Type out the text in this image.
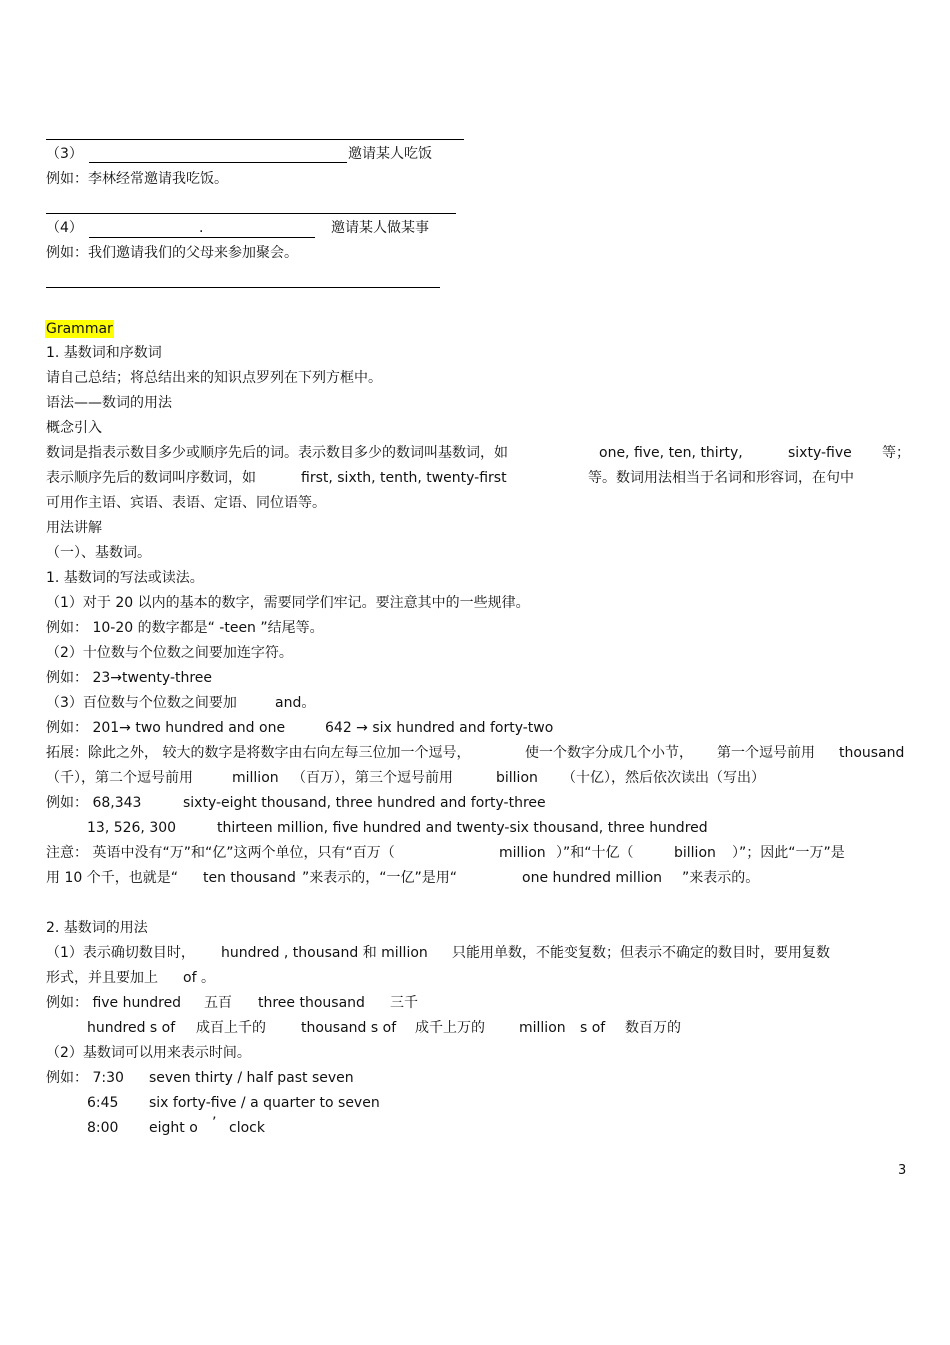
（3）	邀请某人吃饭
例如：李林经常邀请我吃饭。
（4）	.	邀请某人做某事
例如：我们邀请我们的父母来参加聚会。
Grammar
1. 基数词和序数词
请自己总结；将总结出来的知识点罗列在下列方框中。
语法——数词的用法
概念引入
数词是指表示数目多少或顺序先后的词。表示数目多少的数词叫基数词，如	one, five, ten, thirty,	sixty-five 等；
表示顺序先后的数词叫序数词，如	first, sixth, tenth, twenty-first	等。数词用法相当于名词和形容词，在句中
可用作主语、宾语、表语、定语、同位语等。
用法讲解
（一）、基数词。
1. 基数词的写法或读法。
（1）对于 20 以内的基本的数字，需要同学们牢记。要注意其中的一些规律。
例如： 10-20 的数字都是“ -teen ”结尾等。
（2）十位数与个位数之间要加连字符。
例如： 23→twenty-three
（3）百位数与个位数之间要加	and。
例如： 201→ two hundred and one	642 → six hundred and forty-two
拓展：除此之外， 较大的数字是将数字由右向左每三位加一个逗号，	使一个数字分成几个小节， 第一个逗号前用 thousand
（千），第二个逗号前用	million （百万），第三个逗号前用	billion （十亿），然后依次读出（写出）
例如： 68,343	sixty-eight thousand, three hundred and forty-three
13, 526, 300	thirteen million, five hundred and twenty-six thousand, three hundred
注意： 英语中没有“万”和“亿”这两个单位，只有“百万（	million ）”和“十亿（	billion ）”；因此“一万”是
用 10 个千，也就是“ ten thousand ”来表示的，“一亿”是用“	one hundred million ”来表示的。
2. 基数词的用法
（1）表示确切数目时， hundred , thousand 和 million 只能用单数，不能变复数；但表示不确定的数目时，要用复数
形式，并且要加上 of 。
例如： five hundred 五百 three thousand 三千
hundred s of 成百上千的	thousand s of 成千上万的 million s of 数百万的
（2）基数词可以用来表示时间。
例如： 7:30 seven thirty / half past seven
6:45 six forty-five / a quarter to seven
8:00 eight o ’ clock
3
